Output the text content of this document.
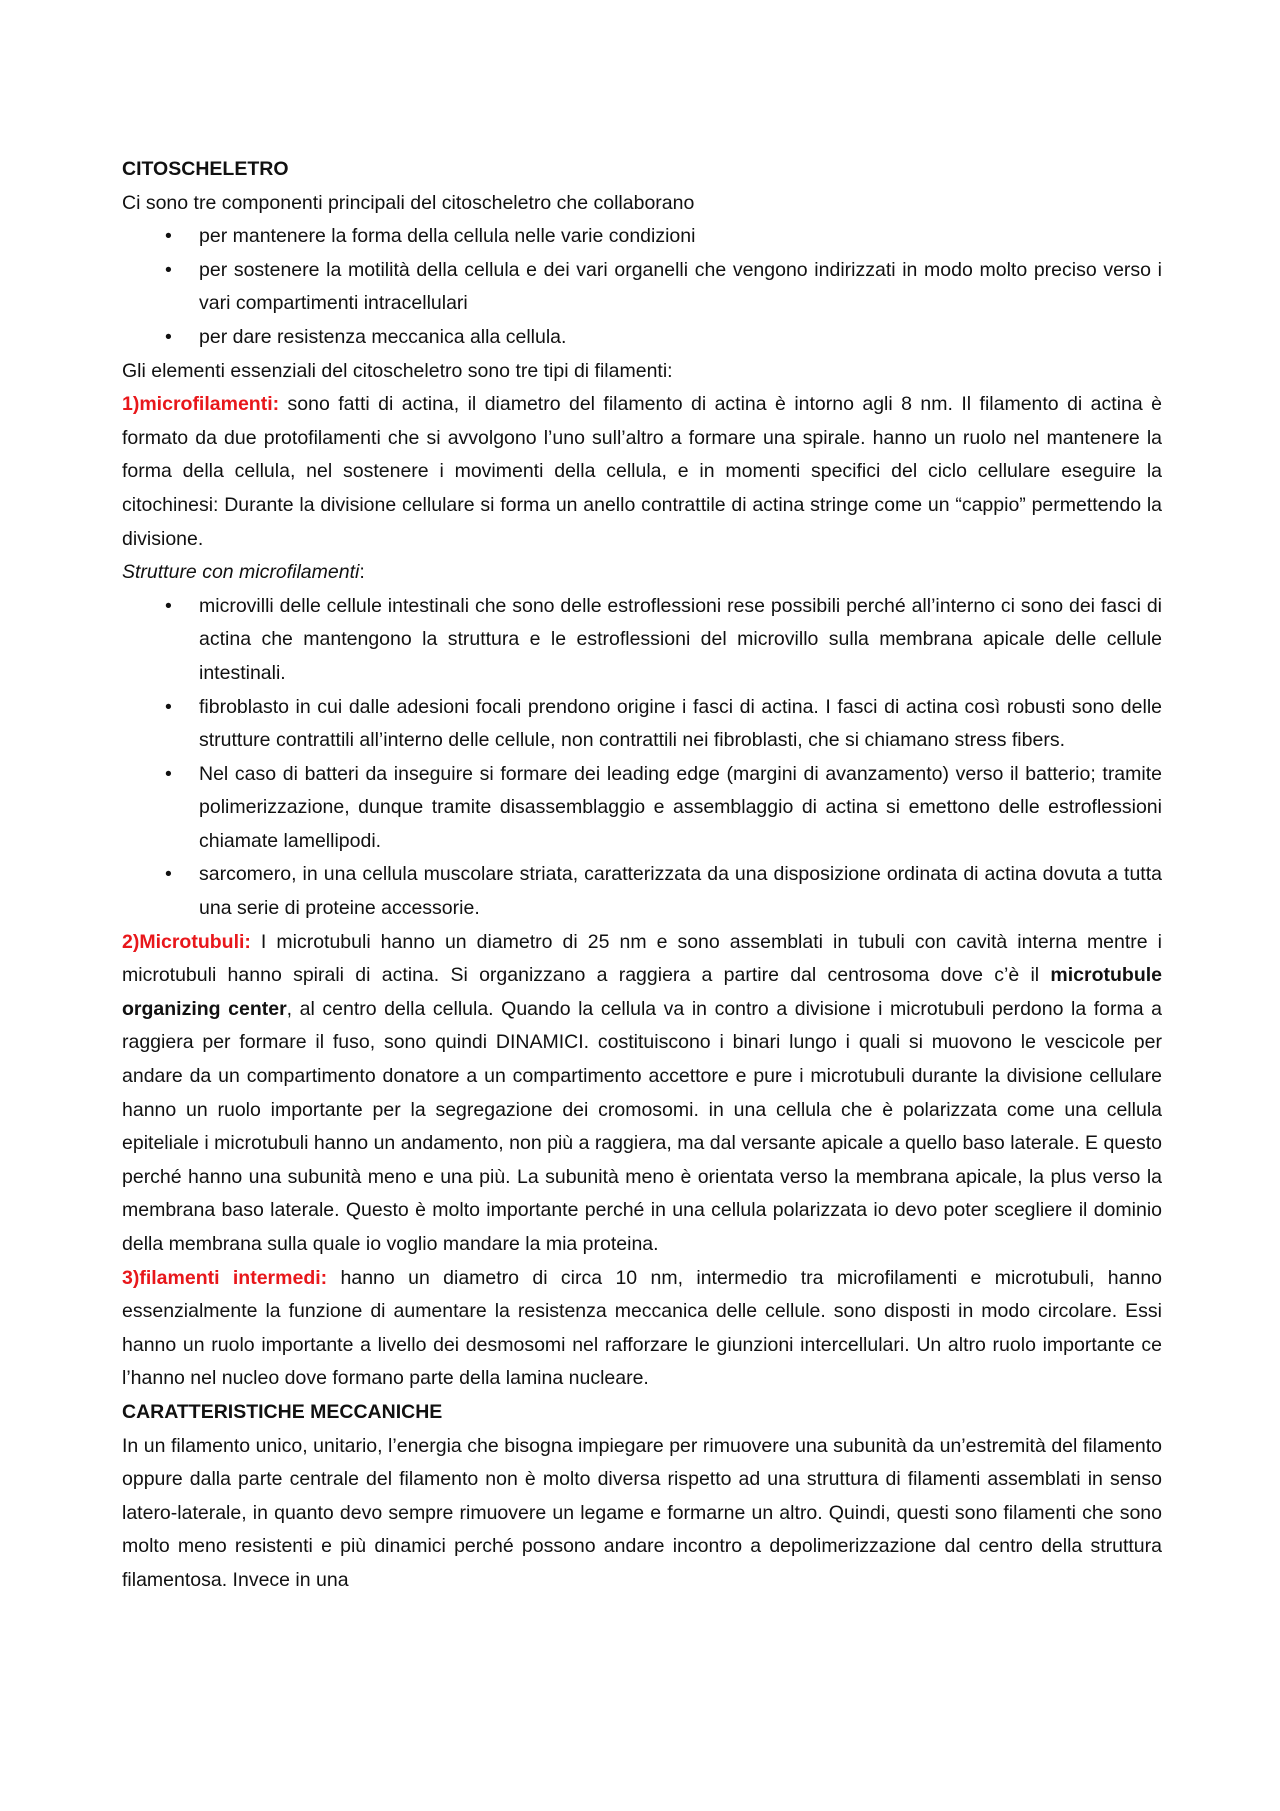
CITOSCHELETRO

Ci sono tre componenti principali del citoscheletro che collaborano

• per mantenere la forma della cellula nelle varie condizioni
• per sostenere la motilità della cellula e dei vari organelli che vengono indirizzati in modo molto preciso verso i vari compartimenti intracellulari
• per dare resistenza meccanica alla cellula.

Gli elementi essenziali del citoscheletro sono tre tipi di filamenti:

1)microfilamenti: sono fatti di actina, il diametro del filamento di actina è intorno agli 8 nm. Il filamento di actina è formato da due protofilamenti che si avvolgono l’uno sull’altro a formare una spirale. hanno un ruolo nel mantenere la forma della cellula, nel sostenere i movimenti della cellula, e in momenti specifici del ciclo cellulare eseguire la citochinesi: Durante la divisione cellulare si forma un anello contrattile di actina stringe come un “cappio” permettendo la divisione.

Strutture con microfilamenti:

• microvilli delle cellule intestinali che sono delle estroflessioni rese possibili perché all’interno ci sono dei fasci di actina che mantengono la struttura e le estroflessioni del microvillo sulla membrana apicale delle cellule intestinali.
• fibroblasto in cui dalle adesioni focali prendono origine i fasci di actina. I fasci di actina così robusti sono delle strutture contrattili all’interno delle cellule, non contrattili nei fibroblasti, che si chiamano stress fibers.
• Nel caso di batteri da inseguire si formare dei leading edge (margini di avanzamento) verso il batterio; tramite polimerizzazione, dunque tramite disassemblaggio e assemblaggio di actina si emettono delle estroflessioni chiamate lamellipodi.
• sarcomero, in una cellula muscolare striata, caratterizzata da una disposizione ordinata di actina dovuta a tutta una serie di proteine accessorie.

2)Microtubuli: I microtubuli hanno un diametro di 25 nm e sono assemblati in tubuli con cavità interna mentre i microtubuli hanno spirali di actina. Si organizzano a raggiera a partire dal centrosoma dove c’è il microtubule organizing center, al centro della cellula. Quando la cellula va in contro a divisione i microtubuli perdono la forma a raggiera per formare il fuso, sono quindi DINAMICI. costituiscono i binari lungo i quali si muovono le vescicole per andare da un compartimento donatore a un compartimento accettore e pure i microtubuli durante la divisione cellulare hanno un ruolo importante per la segregazione dei cromosomi. in una cellula che è polarizzata come una cellula epiteliale i microtubuli hanno un andamento, non più a raggiera, ma dal versante apicale a quello baso laterale. E questo perché hanno una subunità meno e una più. La subunità meno è orientata verso la membrana apicale, la plus verso la membrana baso laterale. Questo è molto importante perché in una cellula polarizzata io devo poter scegliere il dominio della membrana sulla quale io voglio mandare la mia proteina.

3)filamenti intermedi: hanno un diametro di circa 10 nm, intermedio tra microfilamenti e microtubuli, hanno essenzialmente la funzione di aumentare la resistenza meccanica delle cellule. sono disposti in modo circolare. Essi hanno un ruolo importante a livello dei desmosomi nel rafforzare le giunzioni intercellulari. Un altro ruolo importante ce l’hanno nel nucleo dove formano parte della lamina nucleare.

CARATTERISTICHE MECCANICHE

In un filamento unico, unitario, l’energia che bisogna impiegare per rimuovere una subunità da un’estremità del filamento oppure dalla parte centrale del filamento non è molto diversa rispetto ad una struttura di filamenti assemblati in senso latero-laterale, in quanto devo sempre rimuovere un legame e formarne un altro. Quindi, questi sono filamenti che sono molto meno resistenti e più dinamici perché possono andare incontro a depolimerizzazione dal centro della struttura filamentosa. Invece in una
